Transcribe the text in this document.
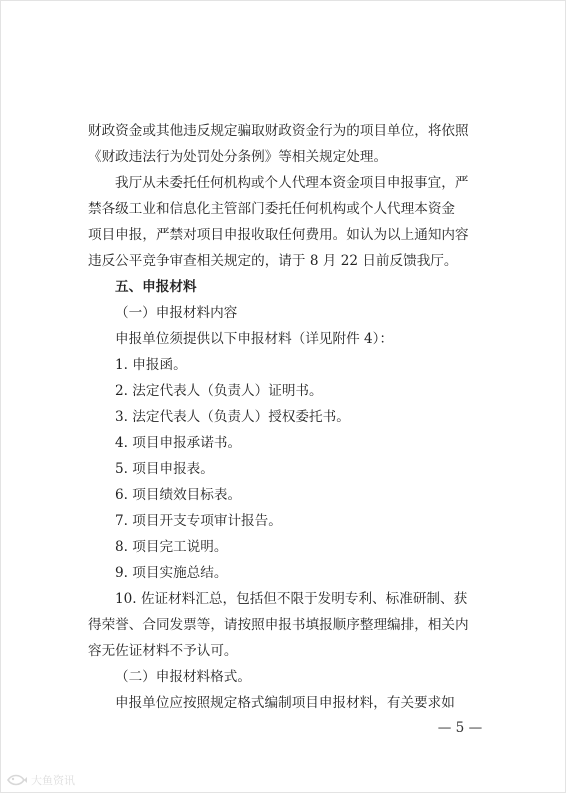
财政资金或其他违反规定骗取财政资金行为的项目单位，将依照
《财政违法行为处罚处分条例》等相关规定处理。
我厅从未委托任何机构或个人代理本资金项目申报事宜，严
禁各级工业和信息化主管部门委托任何机构或个人代理本资金
项目申报，严禁对项目申报收取任何费用。如认为以上通知内容
违反公平竞争审查相关规定的，请于 8 月 22 日前反馈我厅。
五、申报材料
（一）申报材料内容
申报单位须提供以下申报材料（详见附件 4）：
1. 申报函。
2. 法定代表人（负责人）证明书。
3. 法定代表人（负责人）授权委托书。
4. 项目申报承诺书。
5. 项目申报表。
6. 项目绩效目标表。
7. 项目开支专项审计报告。
8. 项目完工说明。
9. 项目实施总结。
10. 佐证材料汇总，包括但不限于发明专利、标准研制、获
得荣誉、合同发票等，请按照申报书填报顺序整理编排，相关内
容无佐证材料不予认可。
（二）申报材料格式。
申报单位应按照规定格式编制项目申报材料，有关要求如
— 5 —
大鱼资讯
